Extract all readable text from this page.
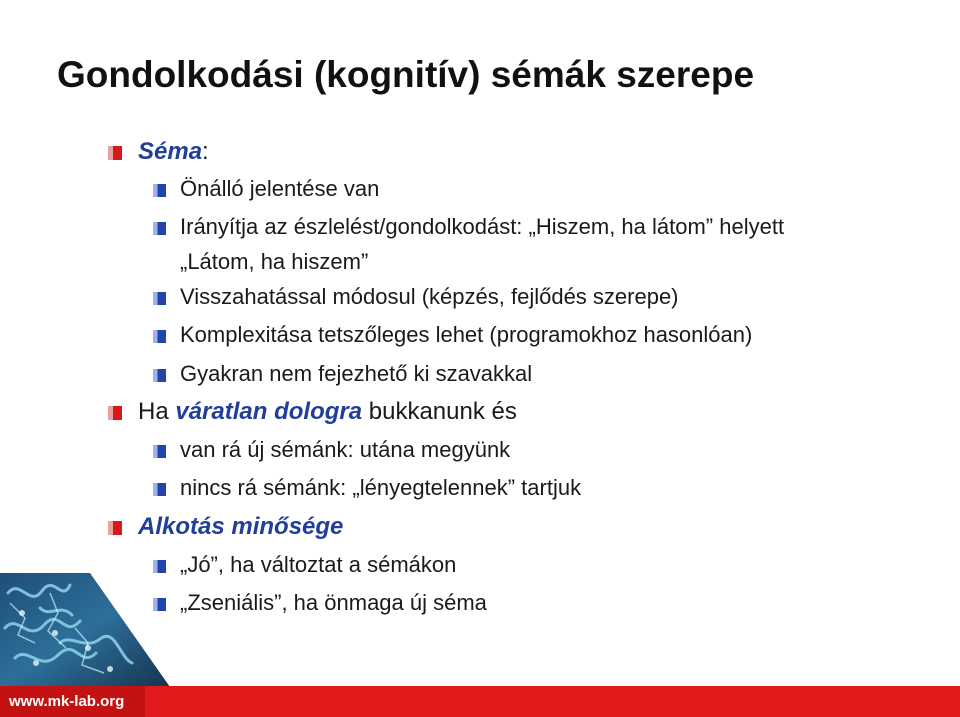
Gondolkodási (kognitív) sémák szerepe
Séma:
Önálló jelentése van
Irányítja az észlelést/gondolkodást: „Hiszem, ha látom” helyett
„Látom, ha hiszem”
Visszahatással módosul (képzés, fejlődés szerepe)
Komplexitása tetszőleges lehet (programokhoz hasonlóan)
Gyakran nem fejezhető ki szavakkal
Ha váratlan dologra bukkanunk és
van rá új sémánk: utána megyünk
nincs rá sémánk: „lényegtelennek” tartjuk
Alkotás minősége
„Jó”, ha változtat a sémákon
„Zseniális”, ha önmaga új séma
www.mk-lab.org
